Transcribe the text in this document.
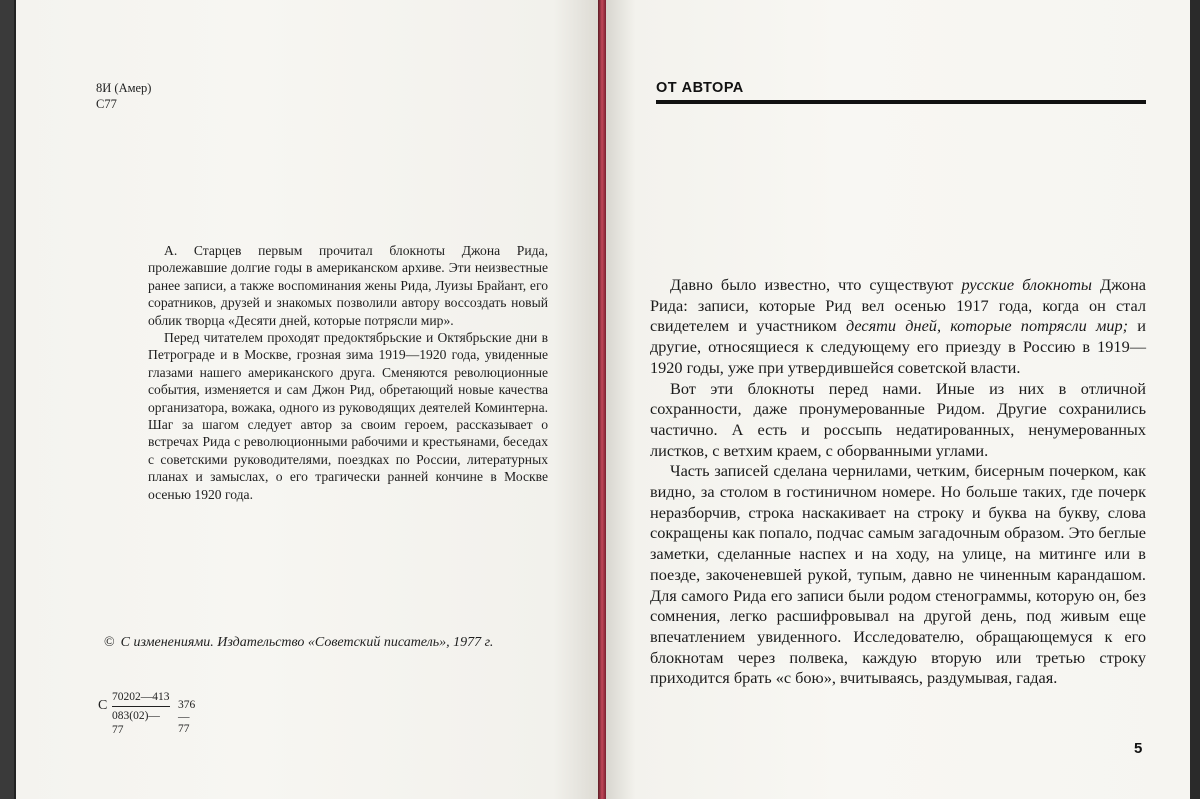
8И (Амер)
С77

А. Старцев первым прочитал блокноты Джона Рида, пролежавшие долгие годы в американском архиве. Эти неизвестные ранее записи, а также воспоминания жены Рида, Луизы Брайант, его соратников, друзей и знакомых позволили автору воссоздать новый облик творца «Десяти дней, которые потрясли мир».

Перед читателем проходят предоктябрьские и Октябрьские дни в Петрограде и в Москве, грозная зима 1919—1920 года, увиденные глазами нашего американского друга. Сменяются революционные события, изменяется и сам Джон Рид, обретающий новые качества организатора, вожака, одного из руководящих деятелей Коминтерна. Шаг за шагом следует автор за своим героем, рассказывает о встречах Рида с революционными рабочими и крестьянами, беседах с советскими руководителями, поездках по России, литературных планах и замыслах, о его трагически ранней кончине в Москве осенью 1920 года.

© С изменениями. Издательство «Советский писатель», 1977 г.
С $\frac{70202—413}{083(02)—77}$ 376—77
ОТ АВТОРА

Давно было известно, что существуют русские блокноты Джона Рида: записи, которые Рид вел осенью 1917 года, когда он стал свидетелем и участником десяти дней, которые потрясли мир; и другие, относящиеся к следующему его приезду в Россию в 1919—1920 годы, уже при утвердившейся советской власти.

Вот эти блокноты перед нами. Иные из них в отличной сохранности, даже пронумерованные Ридом. Другие сохранились частично. А есть и россыпь недатированных, ненумерованных листков, с ветхим краем, с оборванными углами.

Часть записей сделана чернилами, четким, бисерным почерком, как видно, за столом в гостиничном номере. Но больше таких, где почерк неразборчив, строка наскакивает на строку и буква на букву, слова сокращены как попало, подчас самым загадочным образом. Это беглые заметки, сделанные наспех и на ходу, на улице, на митинге или в поезде, закоченевшей рукой, тупым, давно не чиненным карандашом. Для самого Рида его записи были родом стенограммы, которую он, без сомнения, легко расшифровывал на другой день, под живым еще впечатлением увиденного. Исследователю, обращающемуся к его блокнотам через полвека, каждую вторую или третью строку приходится брать «с бою», вчитываясь, раздумывая, гадая.

5
